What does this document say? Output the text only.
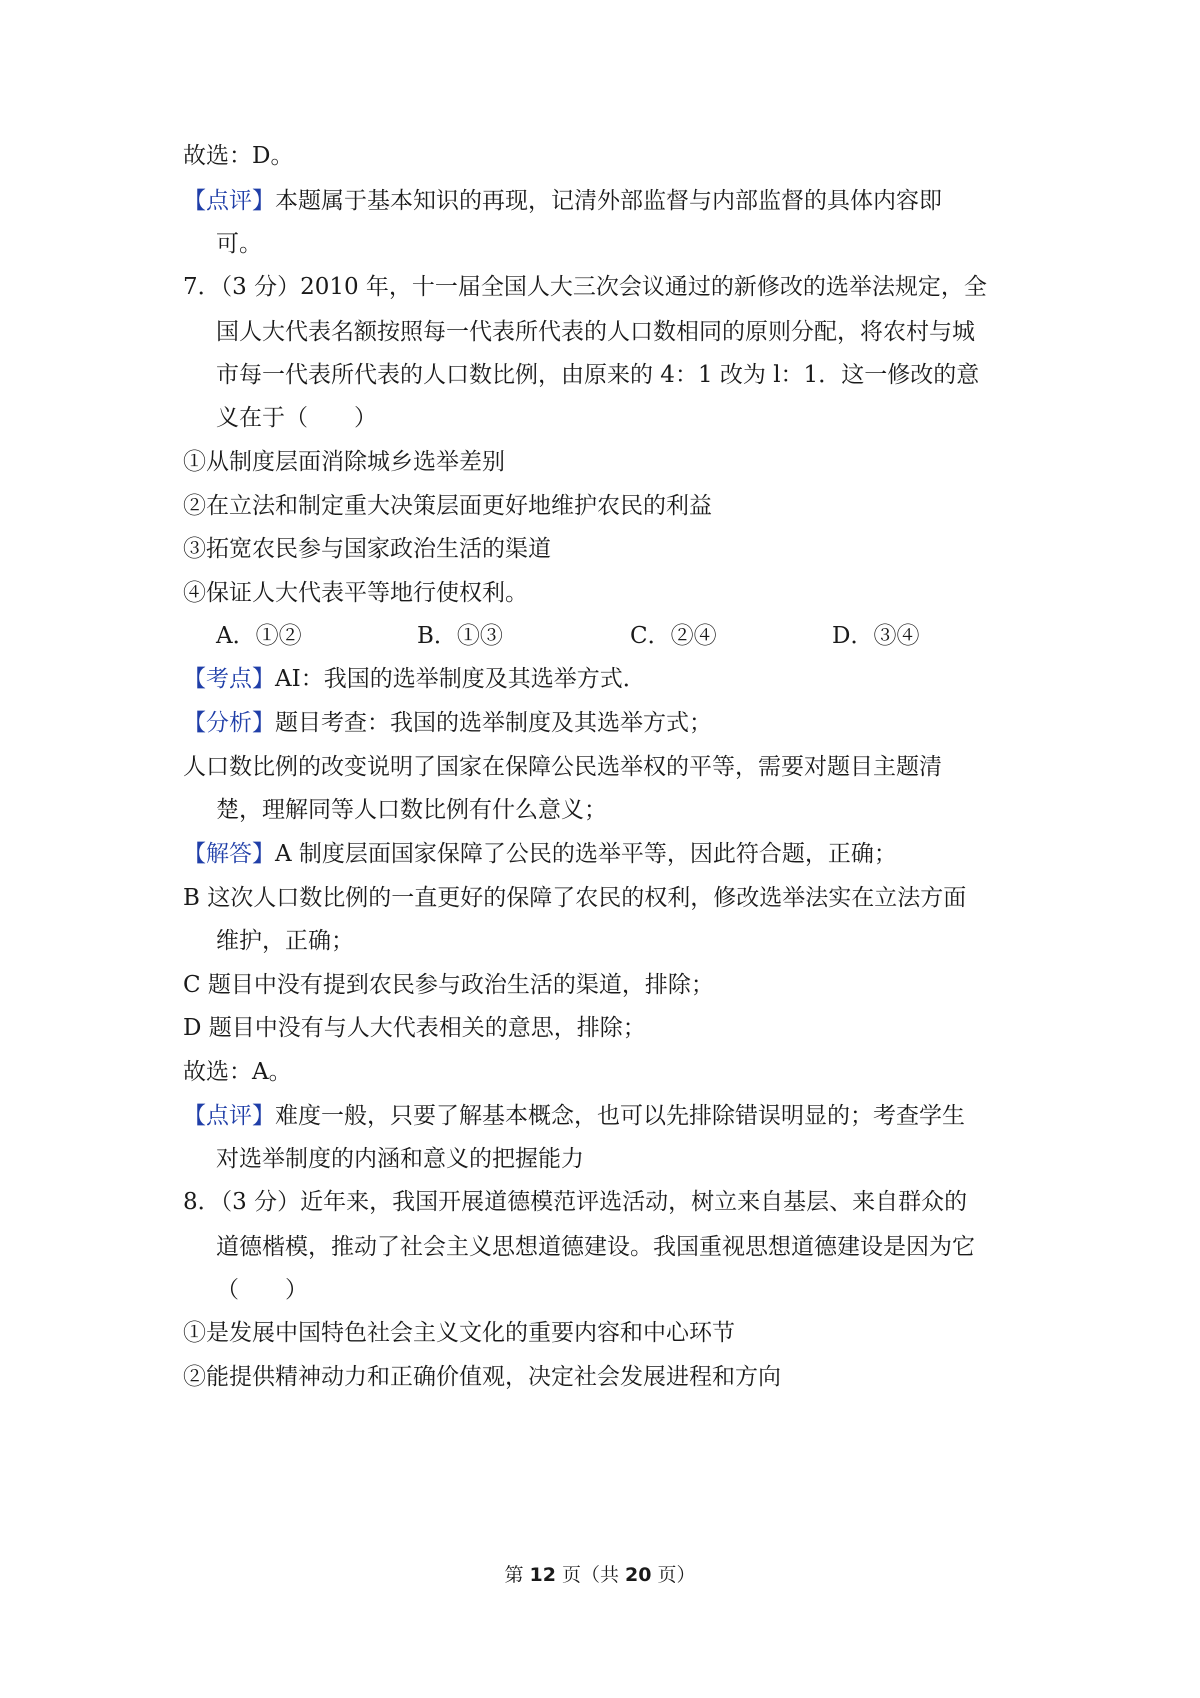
故选：D。
【点评】本题属于基本知识的再现，记清外部监督与内部监督的具体内容即
可。
7．（3 分）2010 年，十一届全国人大三次会议通过的新修改的选举法规定，全
国人大代表名额按照每一代表所代表的人口数相同的原则分配，将农村与城
市每一代表所代表的人口数比例，由原来的 4：1 改为 l：1．这一修改的意
义在于（　　）
①从制度层面消除城乡选举差别
②在立法和制定重大决策层面更好地维护农民的利益
③拓宽农民参与国家政治生活的渠道
④保证人大代表平等地行使权利。
A．①②	B．①③	C．②④	D．③④
【考点】AI：我国的选举制度及其选举方式．
【分析】题目考查：我国的选举制度及其选举方式；
人口数比例的改变说明了国家在保障公民选举权的平等，需要对题目主题清
楚，理解同等人口数比例有什么意义；
【解答】A 制度层面国家保障了公民的选举平等，因此符合题，正确；
B 这次人口数比例的一直更好的保障了农民的权利，修改选举法实在立法方面
维护，正确；
C 题目中没有提到农民参与政治生活的渠道，排除；
D 题目中没有与人大代表相关的意思，排除；
故选：A。
【点评】难度一般，只要了解基本概念，也可以先排除错误明显的；考查学生
对选举制度的内涵和意义的把握能力
8．（3 分）近年来，我国开展道德模范评选活动，树立来自基层、来自群众的
道德楷模，推动了社会主义思想道德建设。我国重视思想道德建设是因为它
（　　）
①是发展中国特色社会主义文化的重要内容和中心环节
②能提供精神动力和正确价值观，决定社会发展进程和方向
第 12 页（共 20 页）
